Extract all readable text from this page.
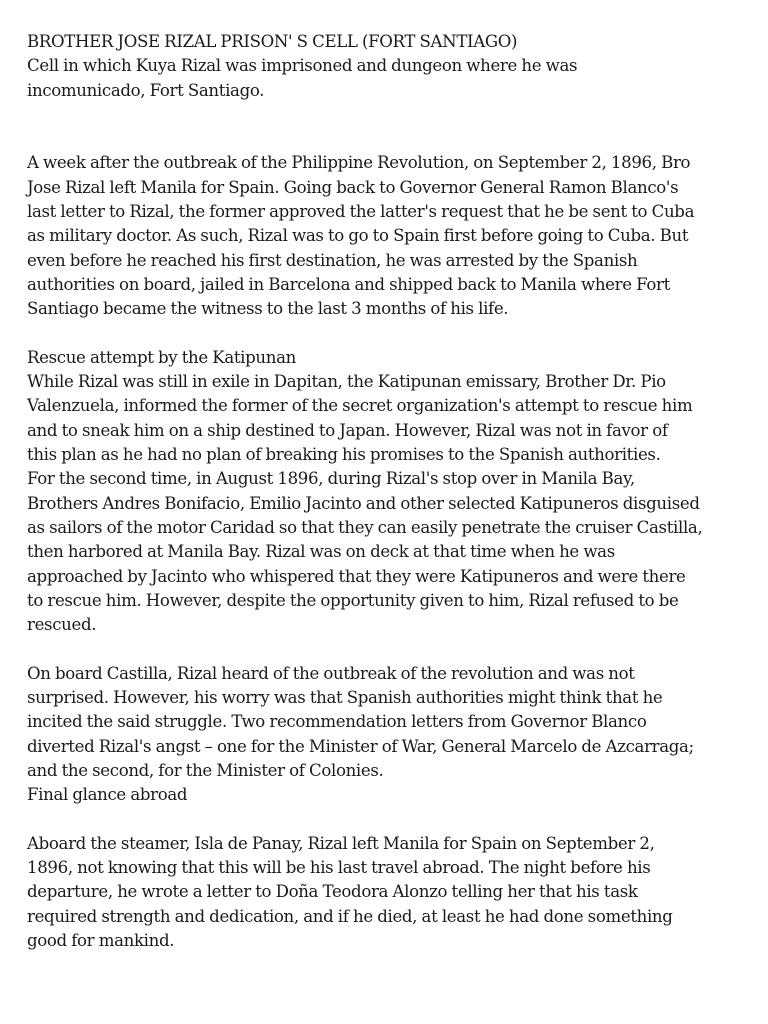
BROTHER JOSE RIZAL PRISON' S CELL (FORT SANTIAGO)

Cell in which Kuya Rizal was imprisoned and dungeon where he was
incomunicado, Fort Santiago.

A week after the outbreak of the Philippine Revolution, on September 2, 1896, Bro
Jose Rizal left Manila for Spain. Going back to Governor General Ramon Blanco's
last letter to Rizal, the former approved the latter's request that he be sent to Cuba
as military doctor. As such, Rizal was to go to Spain first before going to Cuba. But
even before he reached his first destination, he was arrested by the Spanish
authorities on board, jailed in Barcelona and shipped back to Manila where Fort
Santiago became the witness to the last 3 months of his life.

Rescue attempt by the Katipunan

While Rizal was still in exile in Dapitan, the Katipunan emissary, Brother Dr. Pio
Valenzuela, informed the former of the secret organization's attempt to rescue him
and to sneak him on a ship destined to Japan. However, Rizal was not in favor of
this plan as he had no plan of breaking his promises to the Spanish authorities.
For the second time, in August 1896, during Rizal's stop over in Manila Bay,
Brothers Andres Bonifacio, Emilio Jacinto and other selected Katipuneros disguised
as sailors of the motor Caridad so that they can easily penetrate the cruiser Castilla,
then harbored at Manila Bay. Rizal was on deck at that time when he was
approached by Jacinto who whispered that they were Katipuneros and were there
to rescue him. However, despite the opportunity given to him, Rizal refused to be
rescued.

On board Castilla, Rizal heard of the outbreak of the revolution and was not
surprised. However, his worry was that Spanish authorities might think that he
incited the said struggle. Two recommendation letters from Governor Blanco
diverted Rizal's angst – one for the Minister of War, General Marcelo de Azcarraga;
and the second, for the Minister of Colonies.

Final glance abroad

Aboard the steamer, Isla de Panay, Rizal left Manila for Spain on September 2,
1896, not knowing that this will be his last travel abroad. The night before his
departure, he wrote a letter to Doña Teodora Alonzo telling her that his task
required strength and dedication, and if he died, at least he had done something
good for mankind.
